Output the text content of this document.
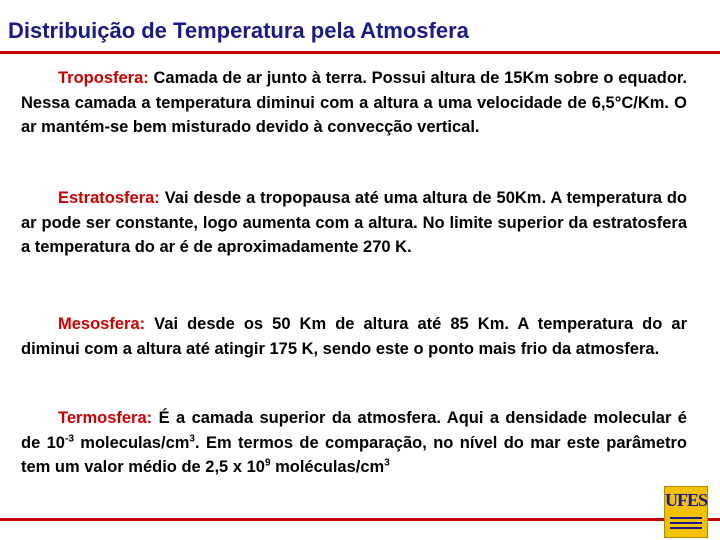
Distribuição de Temperatura pela Atmosfera
Troposfera: Camada de ar junto à terra. Possui altura de 15Km sobre o equador. Nessa camada a temperatura diminui com a altura a uma velocidade de 6,5°C/Km. O ar mantém-se bem misturado devido à convecção vertical.
Estratosfera: Vai desde a tropopausa até uma altura de 50Km. A temperatura do ar pode ser constante, logo aumenta com a altura. No limite superior da estratosfera a temperatura do ar é de aproximadamente 270 K.
Mesosfera: Vai desde os 50 Km de altura até 85 Km. A temperatura do ar diminui com a altura até atingir 175 K, sendo este o ponto mais frio da atmosfera.
Termosfera: É a camada superior da atmosfera. Aqui a densidade molecular é de $10^{-3}$ moleculas/$cm^3$. Em termos de comparação, no nível do mar este parâmetro tem um valor médio de 2,5 x $10^9$ moléculas/$cm^3$
UFES
